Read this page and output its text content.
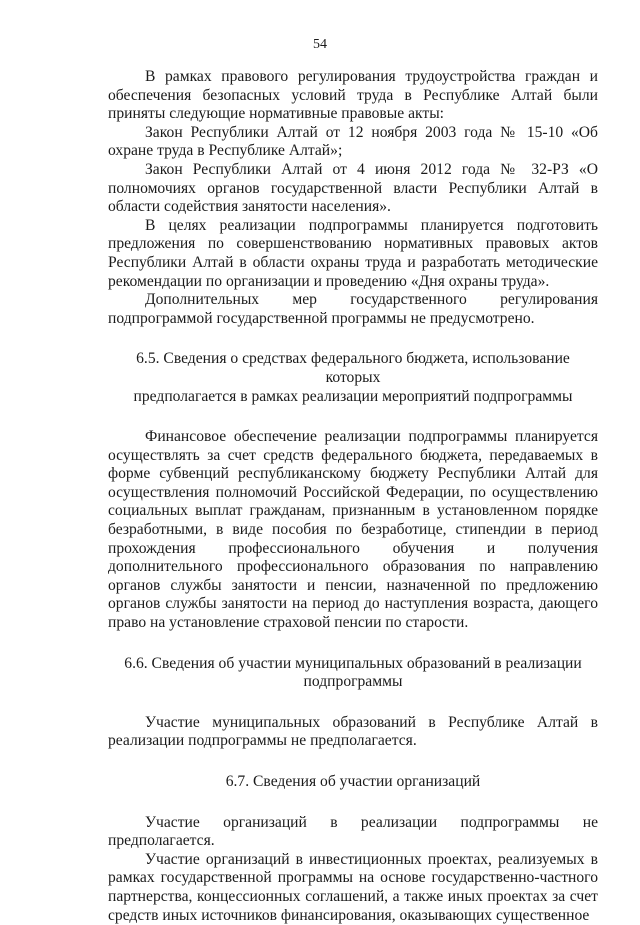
54

В рамках правового регулирования трудоустройства граждан и обеспечения безопасных условий труда в Республике Алтай были приняты следующие нормативные правовые акты:

Закон Республики Алтай от 12 ноября 2003 года № 15-10 «Об охране труда в Республике Алтай»;

Закон Республики Алтай от 4 июня 2012 года № 32-РЗ «О полномочиях органов государственной власти Республики Алтай в области содействия занятости населения».

В целях реализации подпрограммы планируется подготовить предложения по совершенствованию нормативных правовых актов Республики Алтай в области охраны труда и разработать методические рекомендации по организации и проведению «Дня охраны труда».

Дополнительных мер государственного регулирования подпрограммой государственной программы не предусмотрено.

6.5. Сведения о средствах федерального бюджета, использование которых
предполагается в рамках реализации мероприятий подпрограммы

Финансовое обеспечение реализации подпрограммы планируется осуществлять за счет средств федерального бюджета, передаваемых в форме субвенций республиканскому бюджету Республики Алтай для осуществления полномочий Российской Федерации, по осуществлению социальных выплат гражданам, признанным в установленном порядке безработными, в виде пособия по безработице, стипендии в период прохождения профессионального обучения и получения дополнительного профессионального образования по направлению органов службы занятости и пенсии, назначенной по предложению органов службы занятости на период до наступления возраста, дающего право на установление страховой пенсии по старости.

6.6. Сведения об участии муниципальных образований в реализации
подпрограммы

Участие муниципальных образований в Республике Алтай в реализации подпрограммы не предполагается.

6.7. Сведения об участии организаций

Участие организаций в реализации подпрограммы не предполагается.

Участие организаций в инвестиционных проектах, реализуемых в рамках государственной программы на основе государственно-частного партнерства, концессионных соглашений, а также иных проектах за счет средств иных источников финансирования, оказывающих существенное
